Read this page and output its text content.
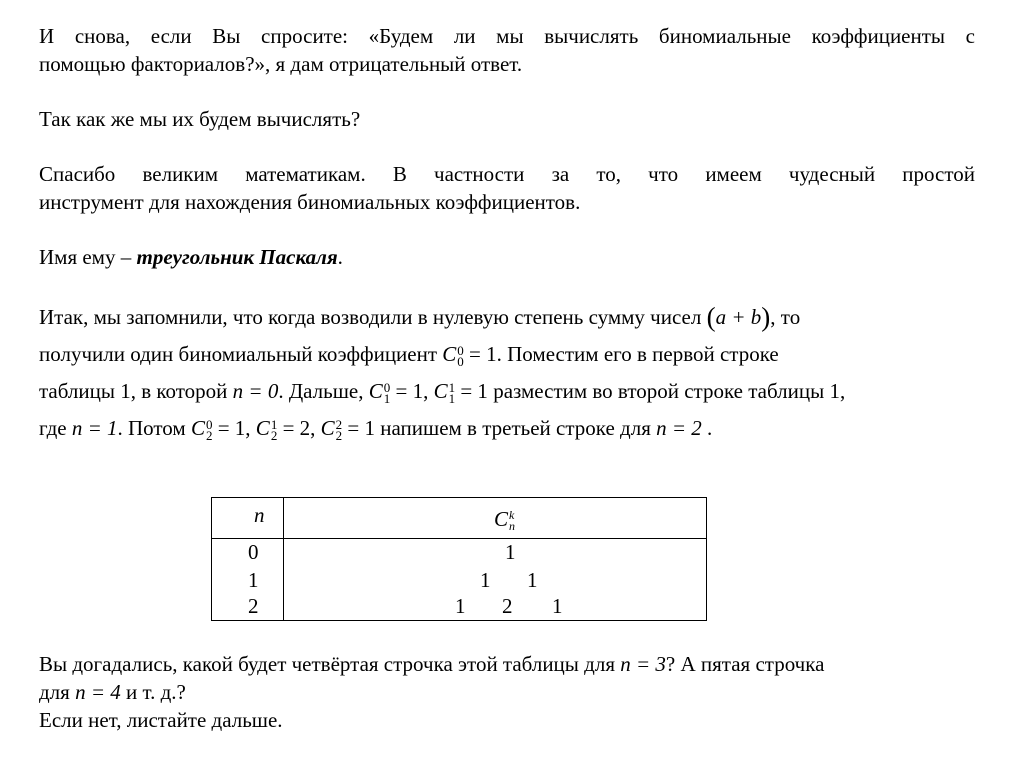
И снова, если Вы спросите: «Будем ли мы вычислять биномиальные коэффициенты с
помощью факториалов?», я дам отрицательный ответ.
Так как же мы их будем вычислять?
Спасибо великим математикам. В частности за то, что имеем чудесный простой
инструмент для нахождения биномиальных коэффициентов.
Имя ему – треугольник Паскаля.
Итак, мы запомнили, что когда возводили в нулевую степень сумму чисел (a + b), то
получили один биномиальный коэффициент C 0
0 = 1. Поместим его в первой строке
таблицы 1, в которой n = 0. Дальше, C 0
1 = 1, C 1
1 = 1 разместим во второй строке таблицы 1,
где n = 1. Потом C 0
2 = 1, C 1
2 = 2, C 2
2 = 1 напишем в третьей строке для n = 2 .
n	C k
n
0	1
1	1 1
2	1 2 1
Вы догадались, какой будет четвёртая строчка этой таблицы для n = 3? А пятая строчка
для n = 4 и т. д.?
Если нет, листайте дальше.
